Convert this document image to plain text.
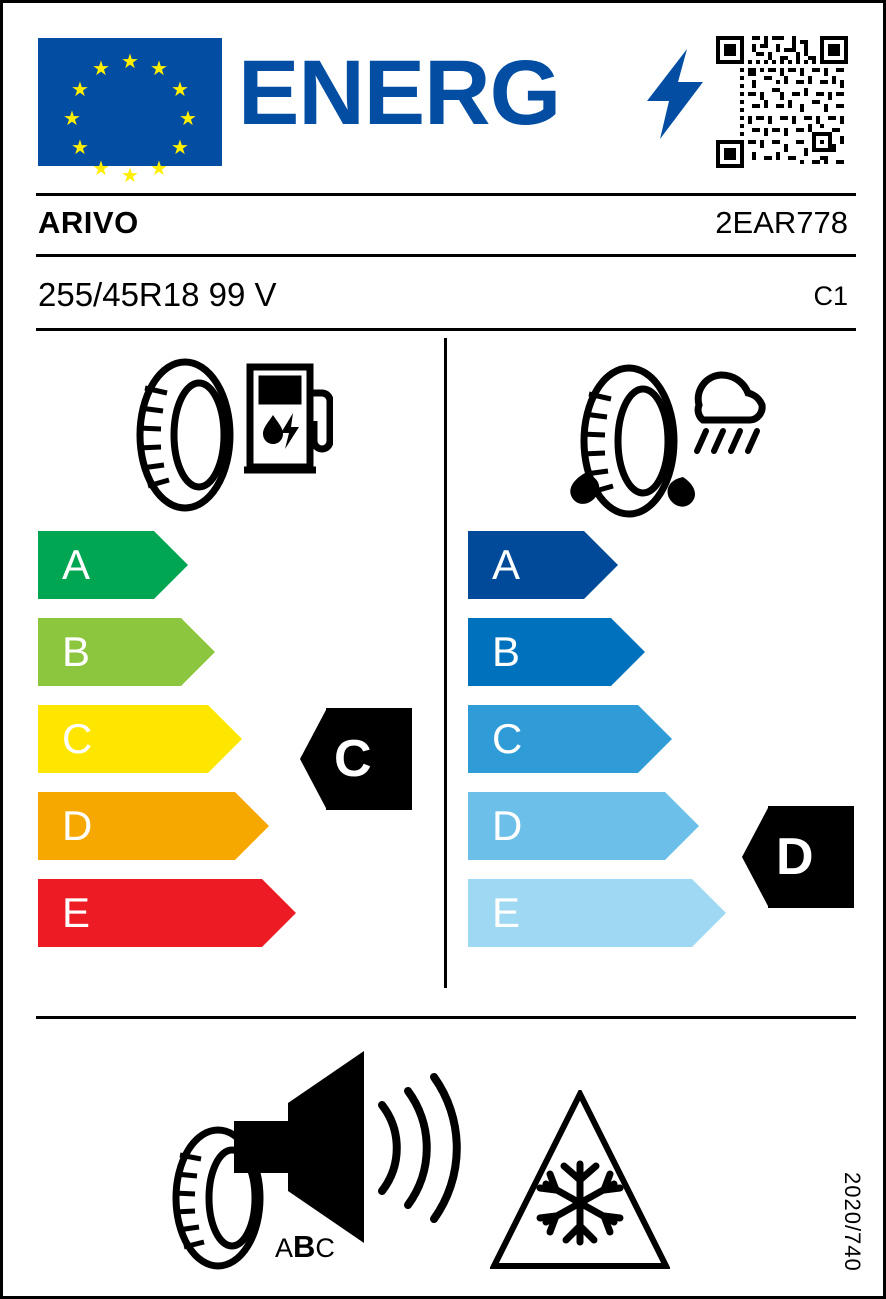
★ ★
★
★
★
★
★
★
★
★
★
★ ENERG
ARIVO	2EAR778
255/45R18 99 V	C1
A
B
C
D
E
A
B
C
D
E
C
D
70 dB
ABC	2020/740
